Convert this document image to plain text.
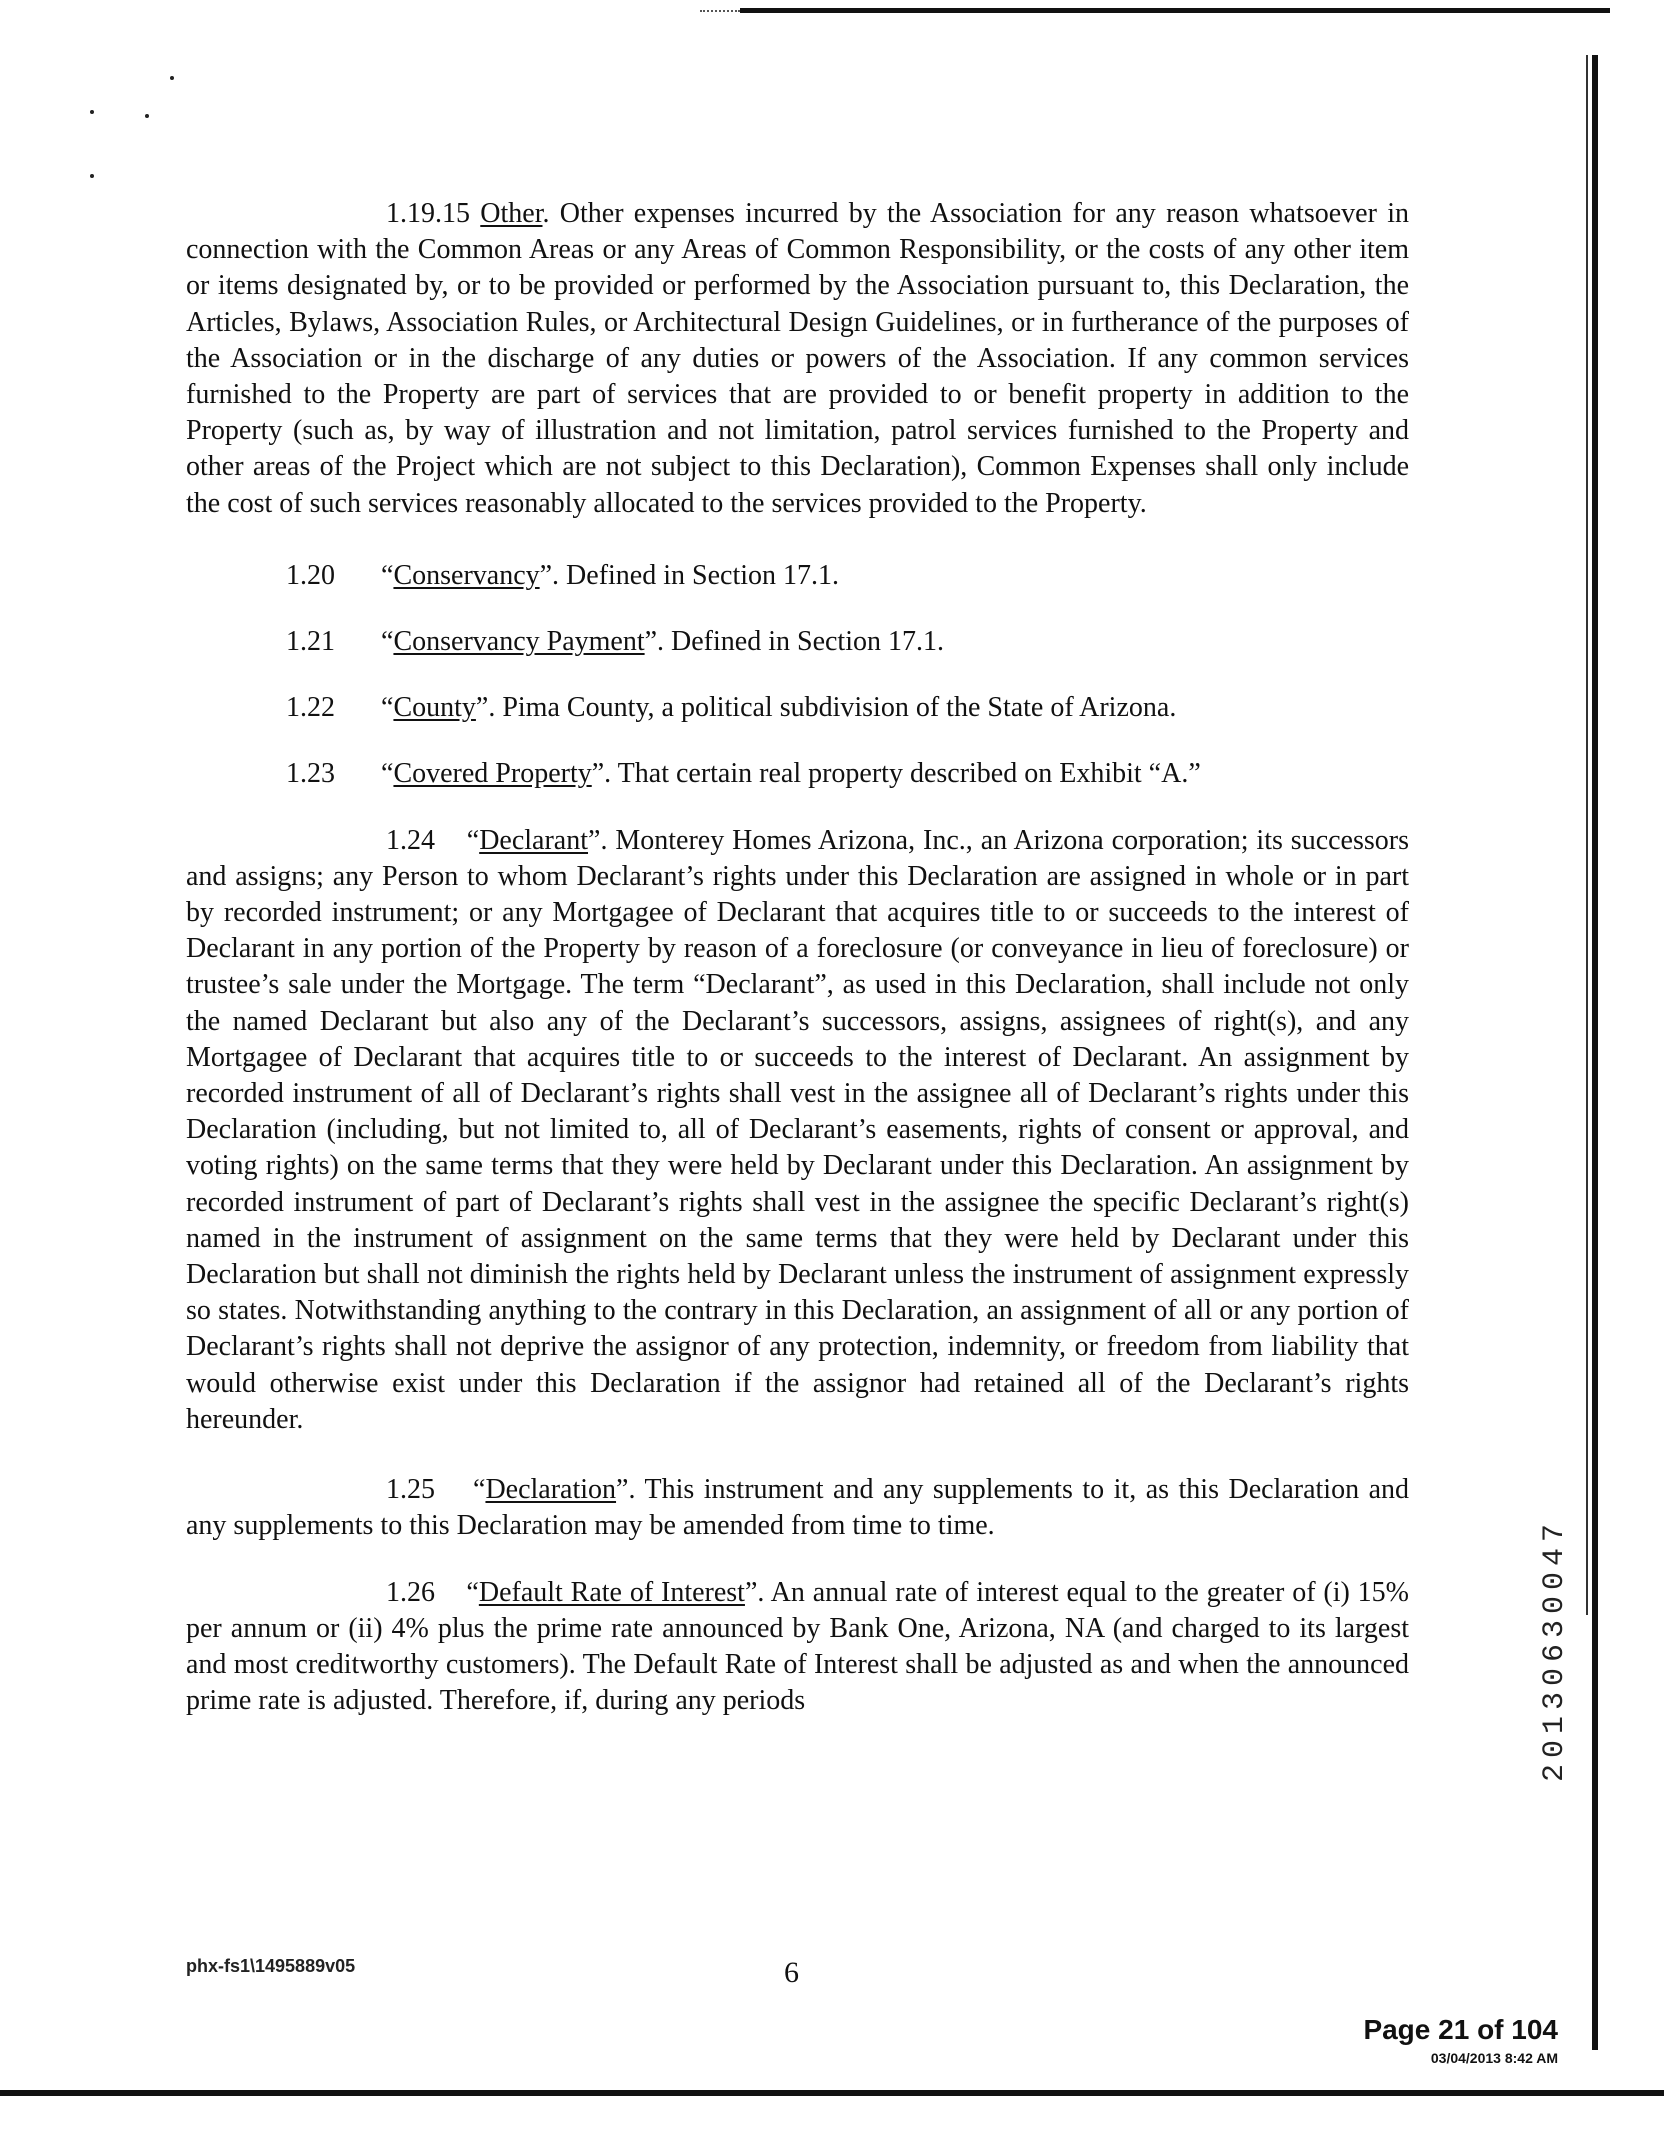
1.19.15 Other. Other expenses incurred by the Association for any reason whatsoever in connection with the Common Areas or any Areas of Common Responsibility, or the costs of any other item or items designated by, or to be provided or performed by the Association pursuant to, this Declaration, the Articles, Bylaws, Association Rules, or Architectural Design Guidelines, or in furtherance of the purposes of the Association or in the discharge of any duties or powers of the Association. If any common services furnished to the Property are part of services that are provided to or benefit property in addition to the Property (such as, by way of illustration and not limitation, patrol services furnished to the Property and other areas of the Project which are not subject to this Declaration), Common Expenses shall only include the cost of such services reasonably allocated to the services provided to the Property.

1.20 “Conservancy”. Defined in Section 17.1.

1.21 “Conservancy Payment”. Defined in Section 17.1.

1.22 “County”. Pima County, a political subdivision of the State of Arizona.

1.23 “Covered Property”. That certain real property described on Exhibit “A.”

1.24 “Declarant”. Monterey Homes Arizona, Inc., an Arizona corporation; its successors and assigns; any Person to whom Declarant’s rights under this Declaration are assigned in whole or in part by recorded instrument; or any Mortgagee of Declarant that acquires title to or succeeds to the interest of Declarant in any portion of the Property by reason of a foreclosure (or conveyance in lieu of foreclosure) or trustee’s sale under the Mortgage. The term “Declarant”, as used in this Declaration, shall include not only the named Declarant but also any of the Declarant’s successors, assigns, assignees of right(s), and any Mortgagee of Declarant that acquires title to or succeeds to the interest of Declarant. An assignment by recorded instrument of all of Declarant’s rights shall vest in the assignee all of Declarant’s rights under this Declaration (including, but not limited to, all of Declarant’s easements, rights of consent or approval, and voting rights) on the same terms that they were held by Declarant under this Declaration. An assignment by recorded instrument of part of Declarant’s rights shall vest in the assignee the specific Declarant’s right(s) named in the instrument of assignment on the same terms that they were held by Declarant under this Declaration but shall not diminish the rights held by Declarant unless the instrument of assignment expressly so states. Notwithstanding anything to the contrary in this Declaration, an assignment of all or any portion of Declarant’s rights shall not deprive the assignor of any protection, indemnity, or freedom from liability that would otherwise exist under this Declaration if the assignor had retained all of the Declarant’s rights hereunder.

1.25 “Declaration”. This instrument and any supplements to it, as this Declaration and any supplements to this Declaration may be amended from time to time.

1.26 “Default Rate of Interest”. An annual rate of interest equal to the greater of (i) 15% per annum or (ii) 4% plus the prime rate announced by Bank One, Arizona, NA (and charged to its largest and most creditworthy customers). The Default Rate of Interest shall be adjusted as and when the announced prime rate is adjusted. Therefore, if, during any periods	20130630047
phx-fs1\1495889v05	6
Page 21 of 104
03/04/2013 8:42 AM
